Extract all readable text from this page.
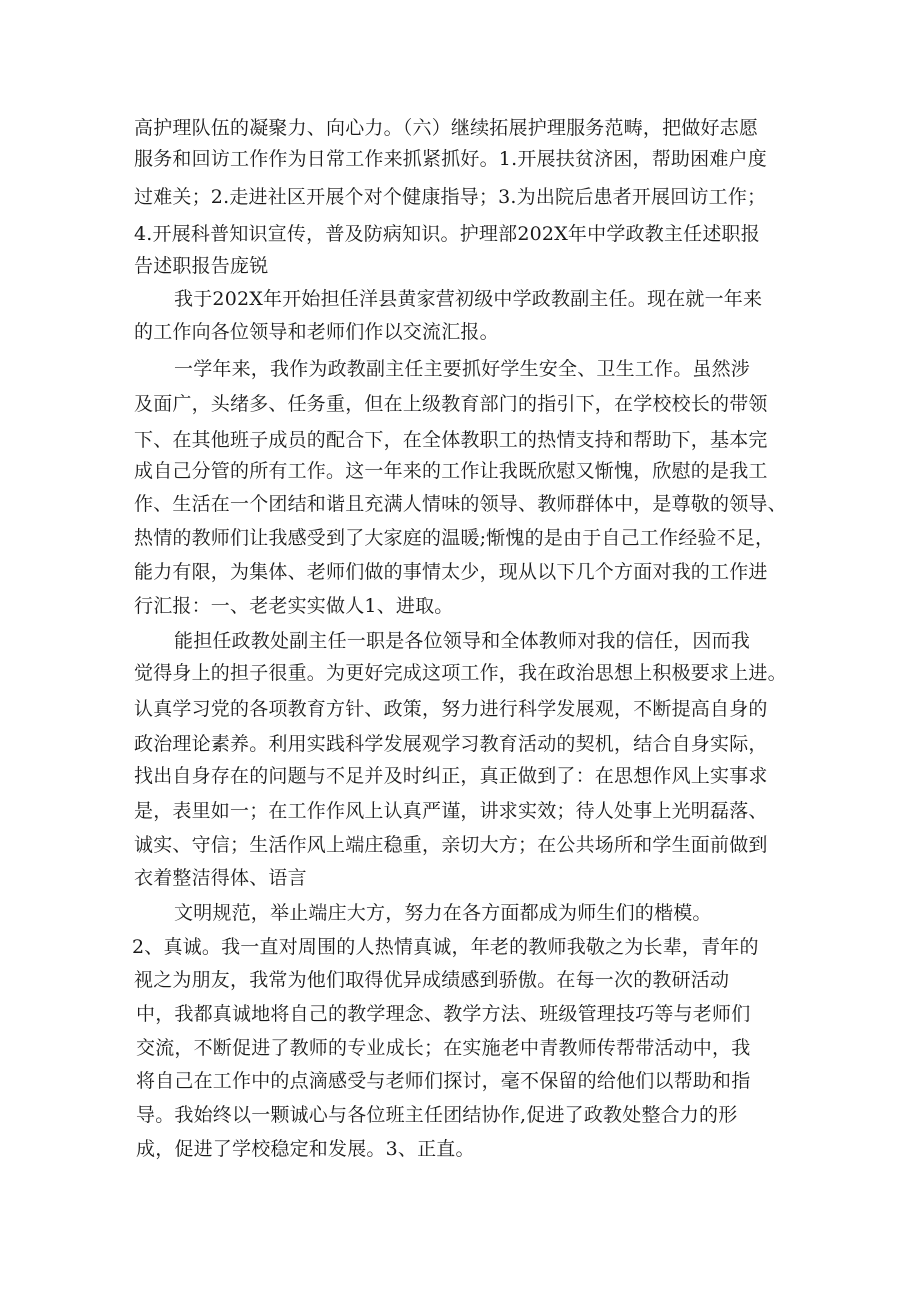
高护理队伍的凝聚力、向心力。（六）继续拓展护理服务范畴，把做好志愿
服务和回访工作作为日常工作来抓紧抓好。1.开展扶贫济困，帮助困难户度
过难关；2.走进社区开展个对个健康指导；3.为出院后患者开展回访工作；
4.开展科普知识宣传，普及防病知识。护理部202X年中学政教主任述职报
告述职报告庞锐
我于202X年开始担任洋县黄家营初级中学政教副主任。现在就一年来
的工作向各位领导和老师们作以交流汇报。
一学年来，我作为政教副主任主要抓好学生安全、卫生工作。虽然涉
及面广，头绪多、任务重，但在上级教育部门的指引下，在学校校长的带领
下、在其他班子成员的配合下，在全体教职工的热情支持和帮助下，基本完
成自己分管的所有工作。这一年来的工作让我既欣慰又惭愧，欣慰的是我工
作、生活在一个团结和谐且充满人情味的领导、教师群体中，是尊敬的领导、
热情的教师们让我感受到了大家庭的温暖;惭愧的是由于自己工作经验不足，
能力有限，为集体、老师们做的事情太少，现从以下几个方面对我的工作进
行汇报：一、老老实实做人1、进取。
能担任政教处副主任一职是各位领导和全体教师对我的信任，因而我
觉得身上的担子很重。为更好完成这项工作，我在政治思想上积极要求上进。
认真学习党的各项教育方针、政策，努力进行科学发展观，不断提高自身的
政治理论素养。利用实践科学发展观学习教育活动的契机，结合自身实际，
找出自身存在的问题与不足并及时纠正，真正做到了：在思想作风上实事求
是，表里如一；在工作作风上认真严谨，讲求实效；待人处事上光明磊落、
诚实、守信；生活作风上端庄稳重，亲切大方；在公共场所和学生面前做到
衣着整洁得体、语言
文明规范，举止端庄大方，努力在各方面都成为师生们的楷模。
2、真诚。我一直对周围的人热情真诚，年老的教师我敬之为长辈，青年的
视之为朋友，我常为他们取得优异成绩感到骄傲。在每一次的教研活动
中，我都真诚地将自己的教学理念、教学方法、班级管理技巧等与老师们
交流，不断促进了教师的专业成长；在实施老中青教师传帮带活动中，我
将自己在工作中的点滴感受与老师们探讨，毫不保留的给他们以帮助和指
导。我始终以一颗诚心与各位班主任团结协作,促进了政教处整合力的形
成，促进了学校稳定和发展。3、正直。
